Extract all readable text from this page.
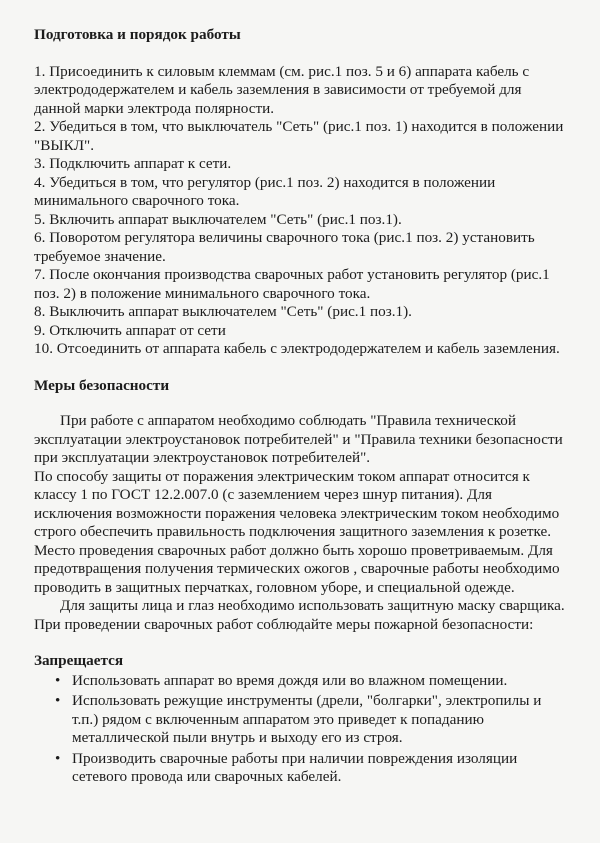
Подготовка и порядок работы

1. Присоединить к силовым клеммам (см. рис.1 поз. 5 и 6) аппарата кабель с электрододержателем и кабель заземления в зависимости от требуемой для данной марки электрода полярности.

2. Убедиться в том, что выключатель "Сеть" (рис.1 поз. 1) находится в положении "ВЫКЛ".

3. Подключить аппарат к сети.

4. Убедиться в том, что регулятор (рис.1 поз. 2) находится в положении минимального сварочного тока.

5. Включить аппарат выключателем "Сеть" (рис.1 поз.1).

6. Поворотом регулятора величины сварочного тока (рис.1 поз. 2) установить требуемое значение.

7. После окончания производства сварочных работ установить регулятор (рис.1 поз. 2) в положение минимального сварочного тока.

8. Выключить аппарат выключателем "Сеть" (рис.1 поз.1).

9. Отключить аппарат от сети

10. Отсоединить от аппарата кабель с электрододержателем и кабель заземления.

Меры безопасности

При работе с аппаратом необходимо соблюдать "Правила технической эксплуатации электроустановок потребителей" и "Правила техники безопасности при эксплуатации электроустановок потребителей".

По способу защиты от поражения электрическим током аппарат относится к классу 1 по ГОСТ 12.2.007.0 (с заземлением через шнур питания). Для исключения возможности поражения человека электрическим током необходимо строго обеспечить правильность подключения защитного заземления к розетке.

Место проведения сварочных работ должно быть хорошо проветриваемым. Для предотвращения получения термических ожогов , сварочные работы необходимо проводить в защитных перчатках, головном уборе, и специальной одежде.

Для защиты лица и глаз необходимо использовать защитную маску сварщика.

При проведении сварочных работ соблюдайте меры пожарной безопасности:

Запрещается
• Использовать аппарат во время дождя или во влажном помещении.
• Использовать режущие инструменты (дрели, "болгарки", электропилы и т.п.) рядом с включенным аппаратом это приведет к попаданию металлической пыли внутрь и выходу его из строя.
• Производить сварочные работы при наличии повреждения изоляции сетевого провода или сварочных кабелей.
